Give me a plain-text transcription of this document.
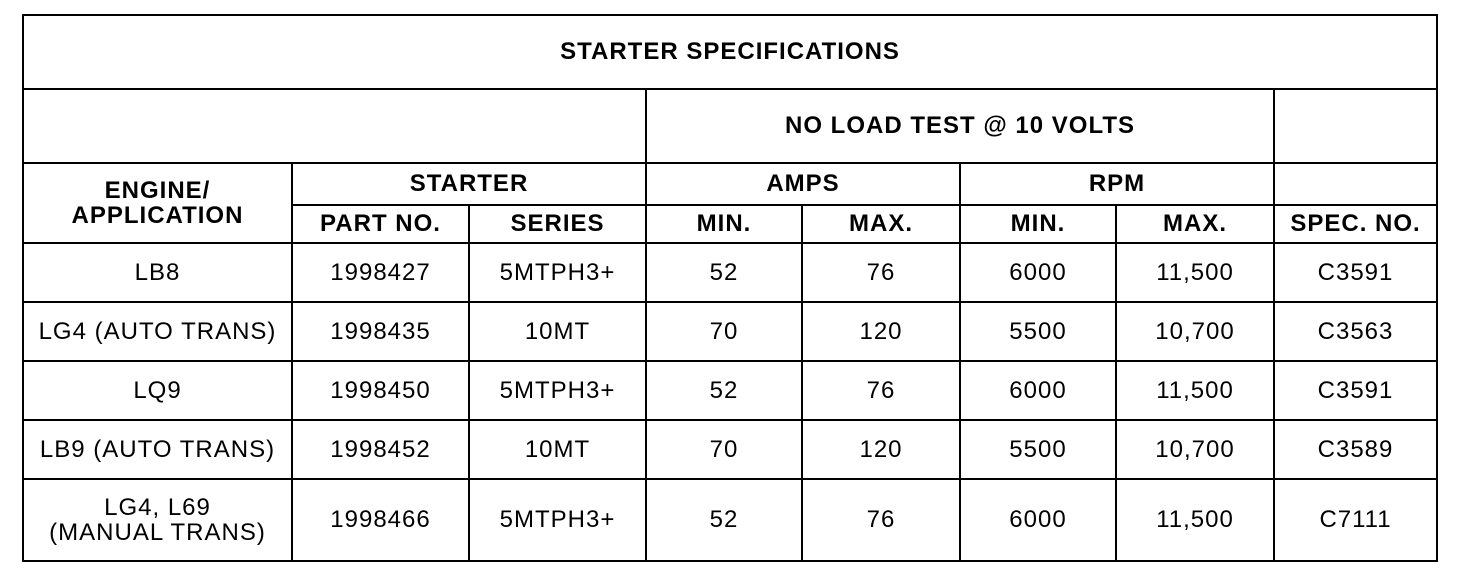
STARTER SPECIFICATIONS							
			NO LOAD TEST @ 10 VOLTS				
ENGINE/
APPLICATION	STARTER		AMPS		RPM		
	PART NO.	SERIES	MIN.	MAX.	MIN.	MAX.	SPEC. NO.
LB8	1998427	5MTPH3+	52	76	6000	11,500	C3591
LG4 (AUTO TRANS)	1998435	10MT	70	120	5500	10,700	C3563
LQ9	1998450	5MTPH3+	52	76	6000	11,500	C3591
LB9 (AUTO TRANS)	1998452	10MT	70	120	5500	10,700	C3589
LG4, L69
(MANUAL TRANS)	1998466	5MTPH3+	52	76	6000	11,500	C7111
